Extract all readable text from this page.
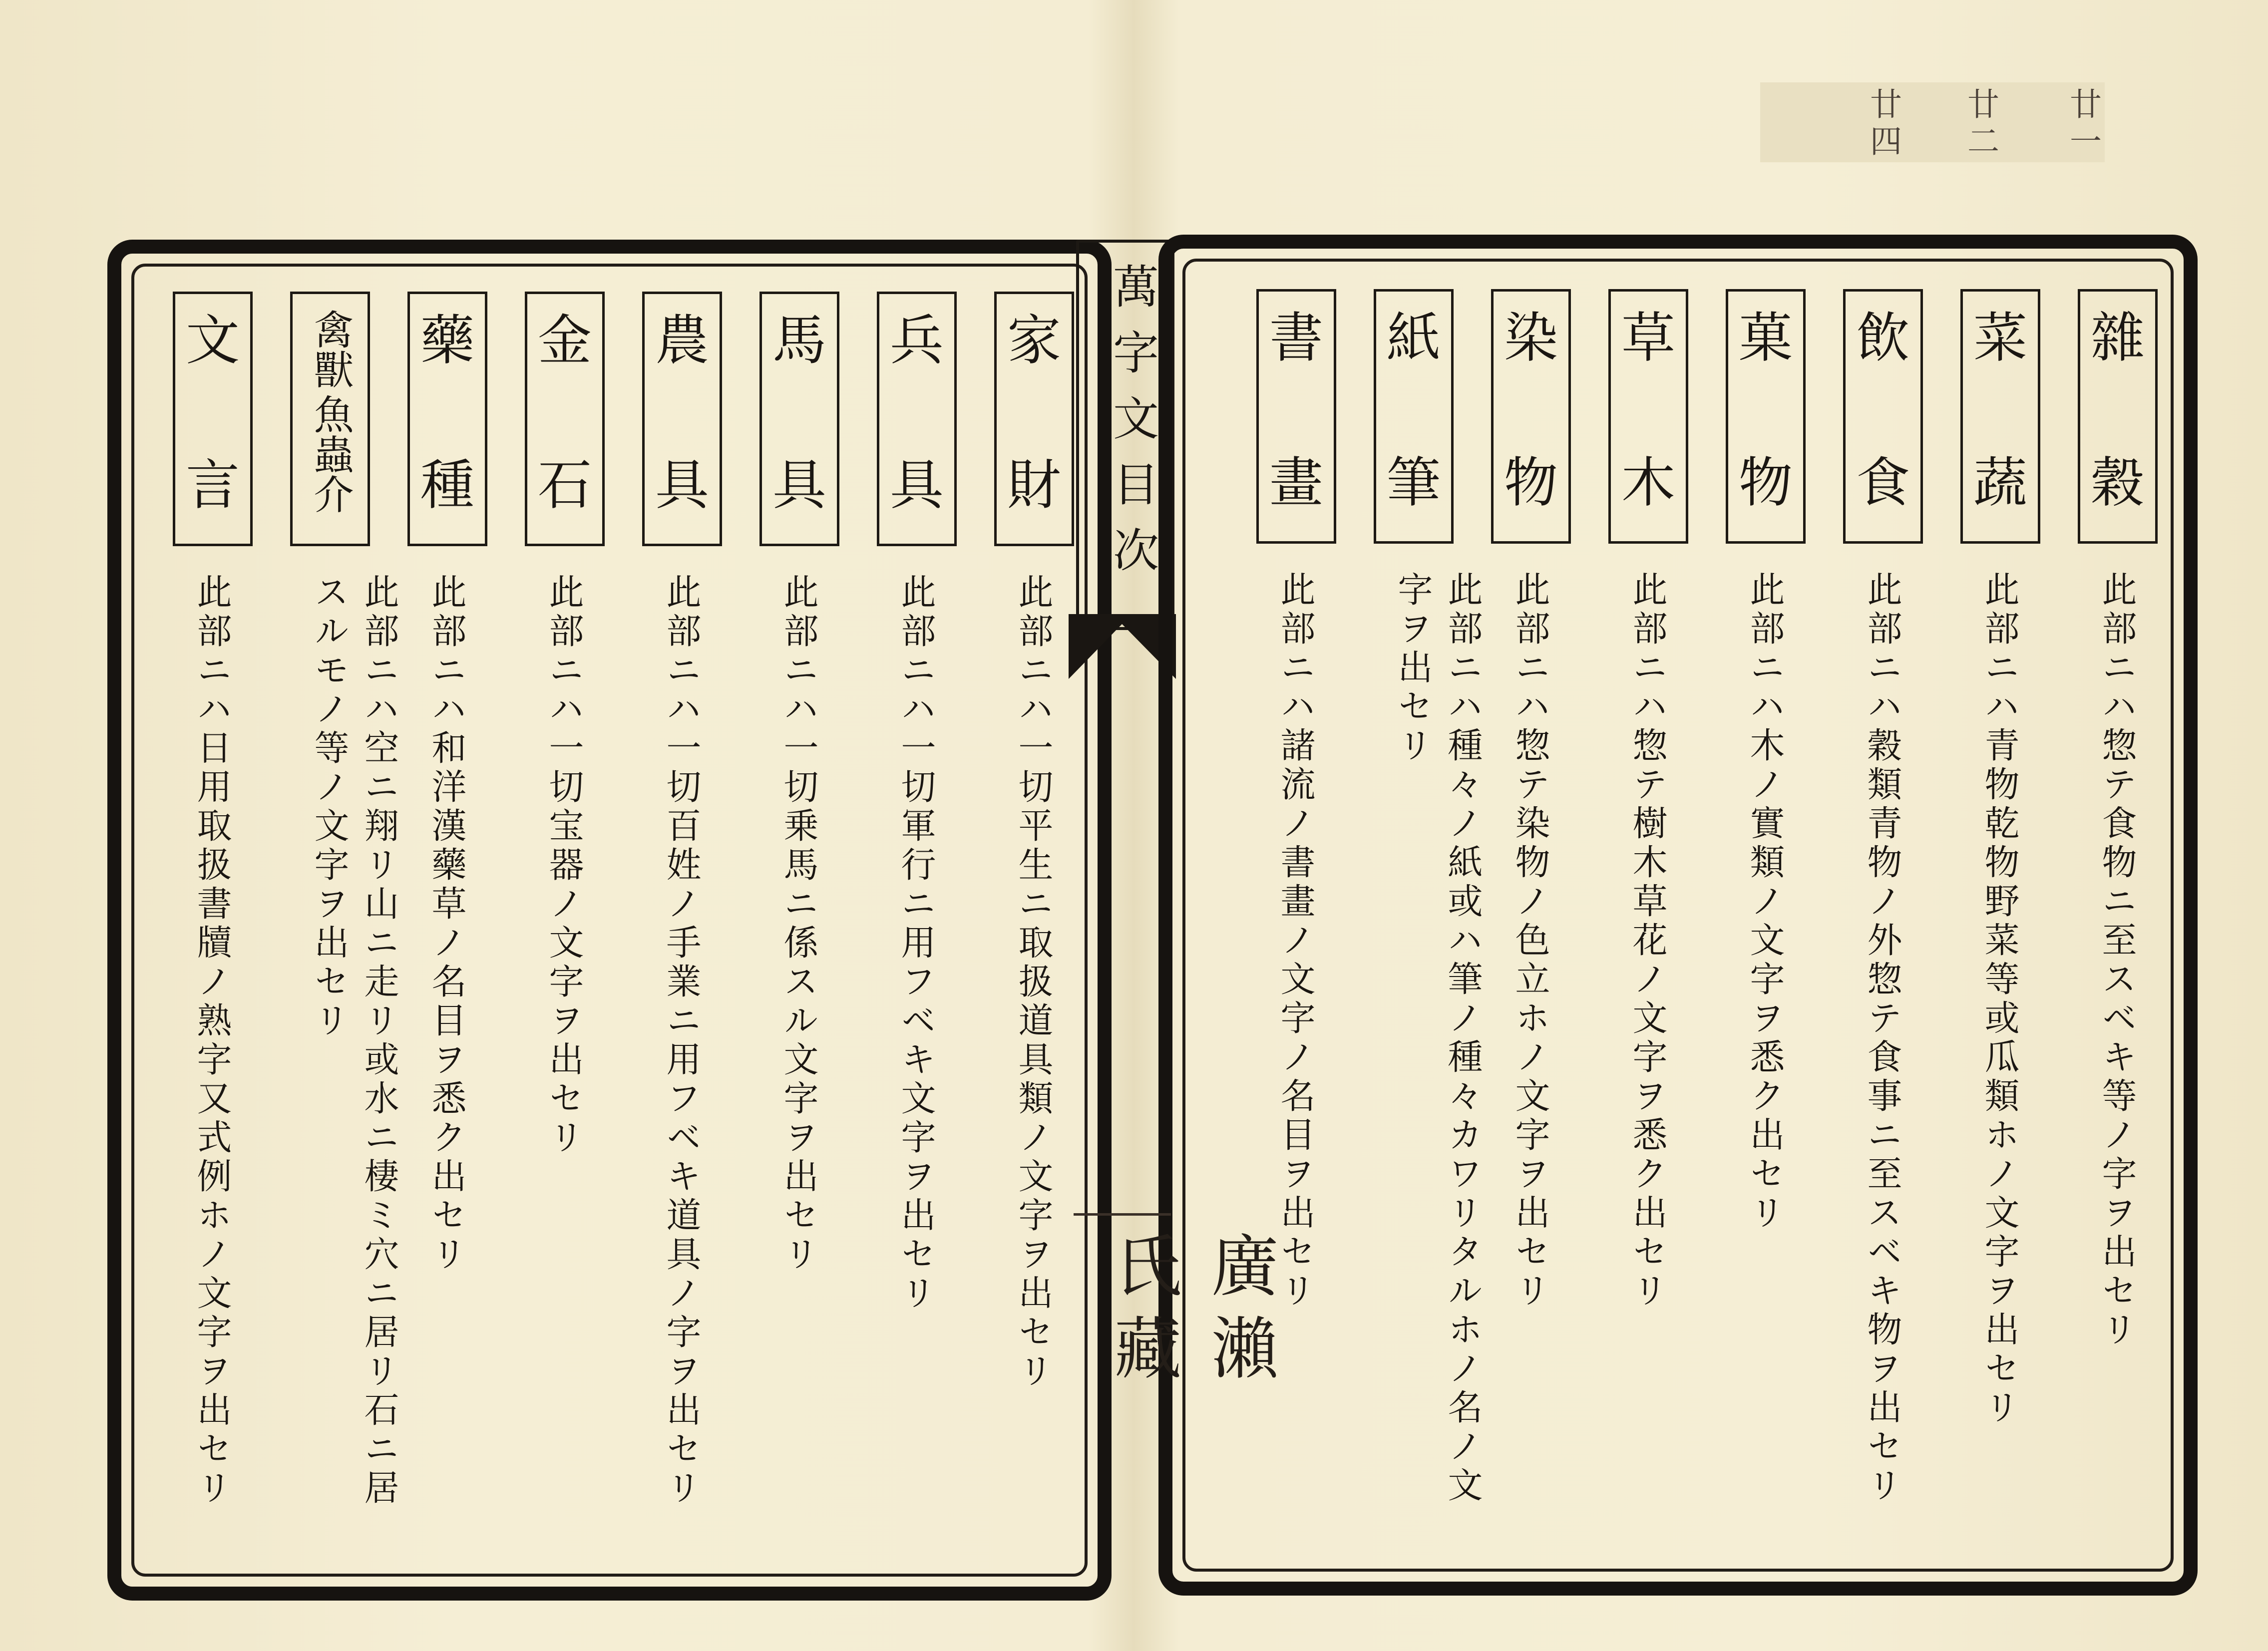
廿一
廿二
廿四
家
財
此部ニハ一切平生ニ取扱道具類ノ文字ヲ出セリ
兵
具
此部ニハ一切軍行ニ用フベキ文字ヲ出セリ
馬
具
此部ニハ一切乗馬ニ係スル文字ヲ出セリ
農
具
此部ニハ一切百姓ノ手業ニ用フベキ道具ノ字ヲ出セリ
金
石
此部ニハ一切宝器ノ文字ヲ出セリ
藥
種
此部ニハ和洋漢藥草ノ名目ヲ悉ク出セリ
禽獸
魚蟲介
此部ニハ空ニ翔リ山ニ走リ或水ニ棲ミ穴ニ居リ石ニ居スルモノ等ノ文字ヲ出セリ
文
言
此部ニハ日用取扱書牘ノ熟字又式例ホノ文字ヲ出セリ
萬字文目次	雜
穀
此部ニハ惣テ食物ニ至スベキ等ノ字ヲ出セリ
菜
蔬
此部ニハ青物乾物野菜等或瓜類ホノ文字ヲ出セリ
飲
食
此部ニハ穀類青物ノ外惣テ食事ニ至スベキ物ヲ出セリ
菓
物
此部ニハ木ノ實類ノ文字ヲ悉ク出セリ
草
木
此部ニハ惣テ樹木草花ノ文字ヲ悉ク出セリ
染
物
此部ニハ惣テ染物ノ色立ホノ文字ヲ出セリ
紙
筆
此部ニハ種々ノ紙或ハ筆ノ種々カワリタルホノ名ノ文字ヲ出セリ
書
畫
此部ニハ諸流ノ書畫ノ文字ノ名目ヲ出セリ
廣瀨氏藏
